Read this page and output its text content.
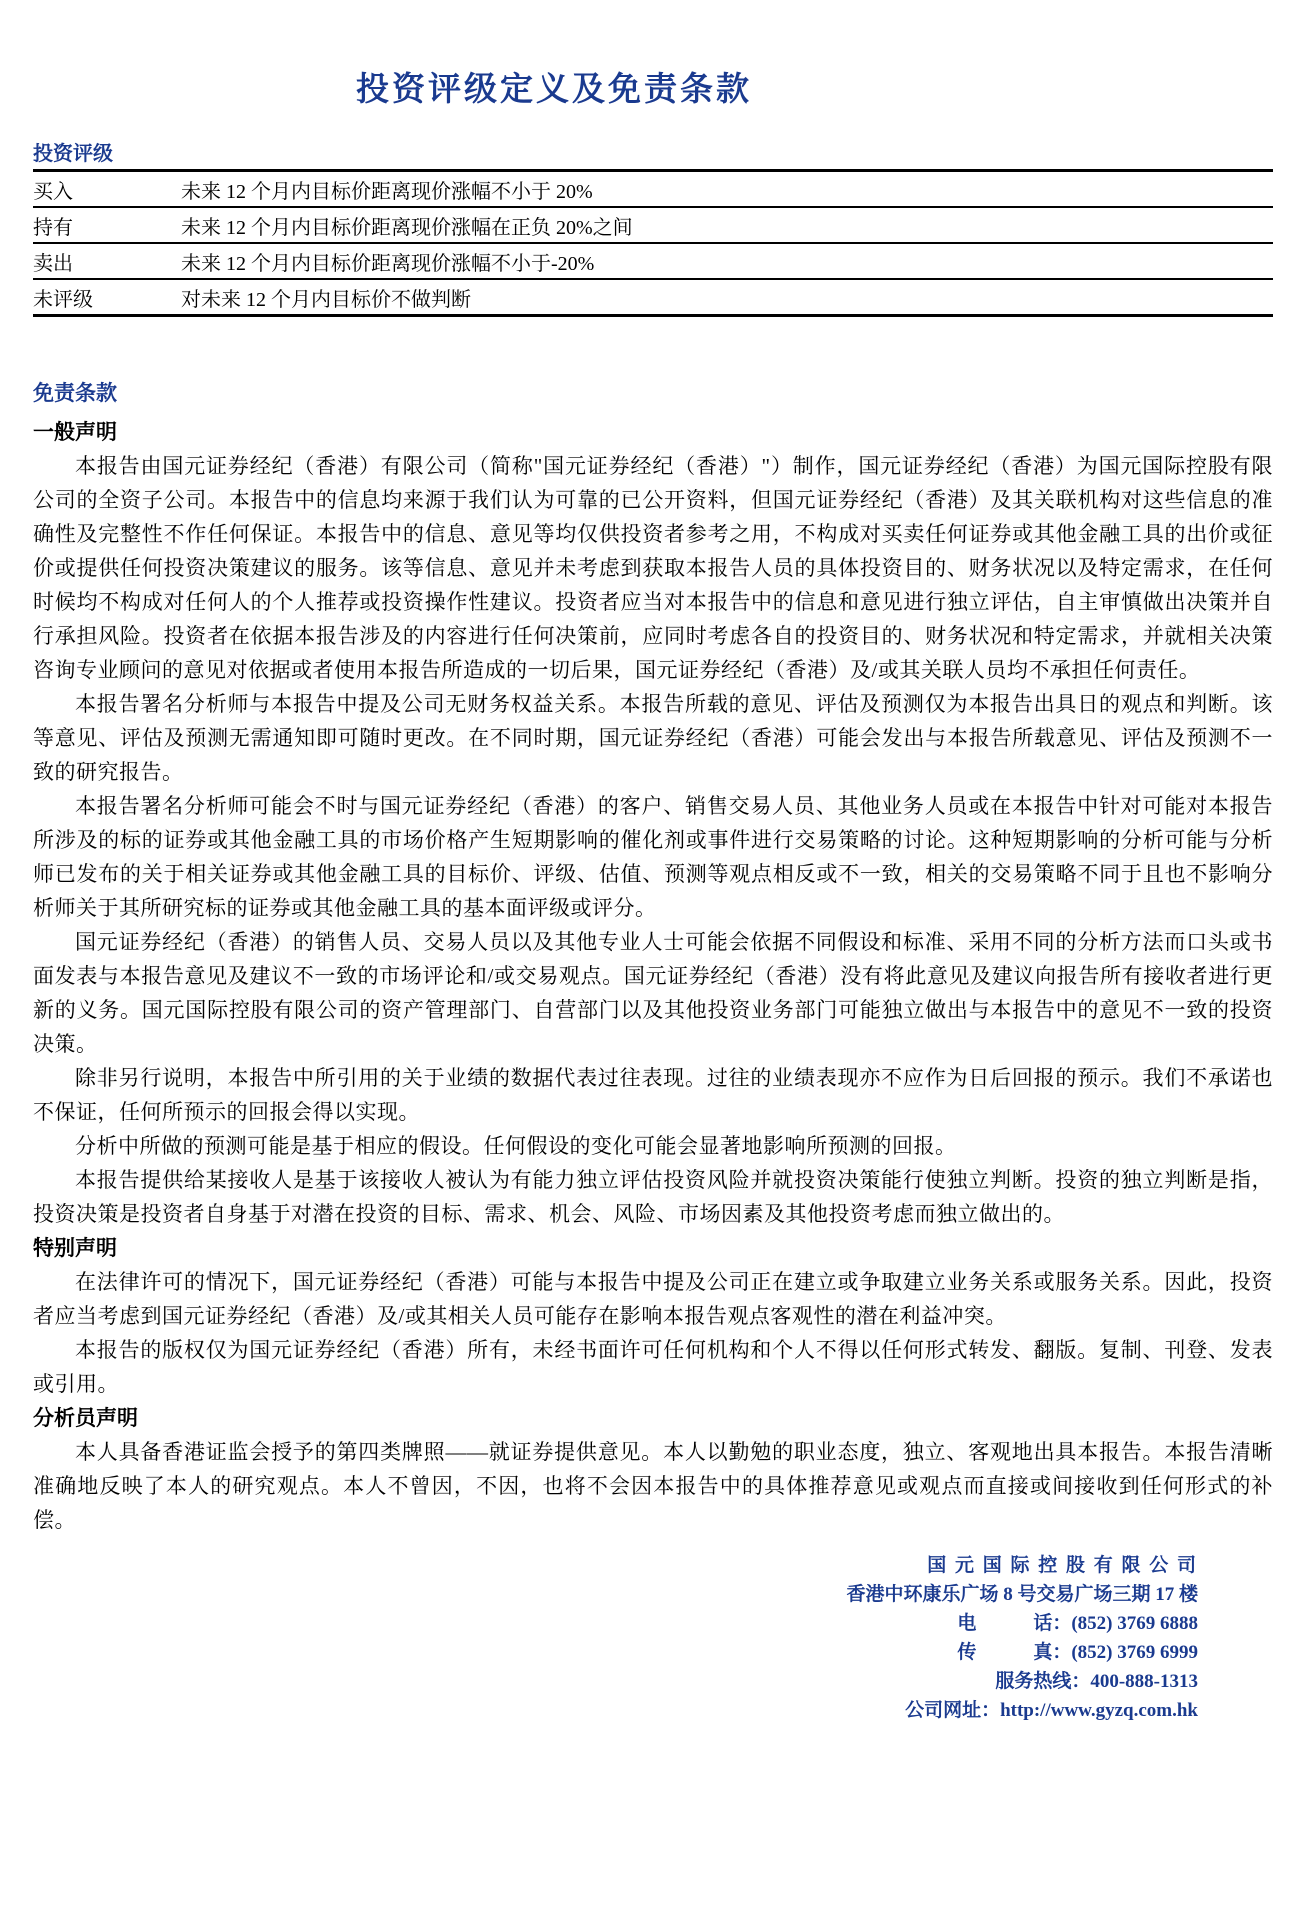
投资评级定义及免责条款
投资评级
买入	未来 12 个月内目标价距离现价涨幅不小于 20%
持有	未来 12 个月内目标价距离现价涨幅在正负 20%之间
卖出	未来 12 个月内目标价距离现价涨幅不小于-20%
未评级	对未来 12 个月内目标价不做判断
免责条款
一般声明

本报告由国元证券经纪（香港）有限公司（简称"国元证券经纪（香港）"）制作，国元证券经纪（香港）为国元国际控股有限公司的全资子公司。本报告中的信息均来源于我们认为可靠的已公开资料，但国元证券经纪（香港）及其关联机构对这些信息的准确性及完整性不作任何保证。本报告中的信息、意见等均仅供投资者参考之用，不构成对买卖任何证券或其他金融工具的出价或征价或提供任何投资决策建议的服务。该等信息、意见并未考虑到获取本报告人员的具体投资目的、财务状况以及特定需求，在任何时候均不构成对任何人的个人推荐或投资操作性建议。投资者应当对本报告中的信息和意见进行独立评估，自主审慎做出决策并自行承担风险。投资者在依据本报告涉及的内容进行任何决策前，应同时考虑各自的投资目的、财务状况和特定需求，并就相关决策咨询专业顾问的意见对依据或者使用本报告所造成的一切后果，国元证券经纪（香港）及/或其关联人员均不承担任何责任。

本报告署名分析师与本报告中提及公司无财务权益关系。本报告所载的意见、评估及预测仅为本报告出具日的观点和判断。该等意见、评估及预测无需通知即可随时更改。在不同时期，国元证券经纪（香港）可能会发出与本报告所载意见、评估及预测不一致的研究报告。

本报告署名分析师可能会不时与国元证券经纪（香港）的客户、销售交易人员、其他业务人员或在本报告中针对可能对本报告所涉及的标的证券或其他金融工具的市场价格产生短期影响的催化剂或事件进行交易策略的讨论。这种短期影响的分析可能与分析师已发布的关于相关证券或其他金融工具的目标价、评级、估值、预测等观点相反或不一致，相关的交易策略不同于且也不影响分析师关于其所研究标的证券或其他金融工具的基本面评级或评分。

国元证券经纪（香港）的销售人员、交易人员以及其他专业人士可能会依据不同假设和标准、采用不同的分析方法而口头或书面发表与本报告意见及建议不一致的市场评论和/或交易观点。国元证券经纪（香港）没有将此意见及建议向报告所有接收者进行更新的义务。国元国际控股有限公司的资产管理部门、自营部门以及其他投资业务部门可能独立做出与本报告中的意见不一致的投资决策。

除非另行说明，本报告中所引用的关于业绩的数据代表过往表现。过往的业绩表现亦不应作为日后回报的预示。我们不承诺也不保证，任何所预示的回报会得以实现。

分析中所做的预测可能是基于相应的假设。任何假设的变化可能会显著地影响所预测的回报。

本报告提供给某接收人是基于该接收人被认为有能力独立评估投资风险并就投资决策能行使独立判断。投资的独立判断是指，投资决策是投资者自身基于对潜在投资的目标、需求、机会、风险、市场因素及其他投资考虑而独立做出的。

特别声明

在法律许可的情况下，国元证券经纪（香港）可能与本报告中提及公司正在建立或争取建立业务关系或服务关系。因此，投资者应当考虑到国元证券经纪（香港）及/或其相关人员可能存在影响本报告观点客观性的潜在利益冲突。

本报告的版权仅为国元证券经纪（香港）所有，未经书面许可任何机构和个人不得以任何形式转发、翻版。复制、刊登、发表或引用。

分析员声明

本人具备香港证监会授予的第四类牌照——就证券提供意见。本人以勤勉的职业态度，独立、客观地出具本报告。本报告清晰准确地反映了本人的研究观点。本人不曾因，不因，也将不会因本报告中的具体推荐意见或观点而直接或间接收到任何形式的补偿。

国 元 国 际 控 股 有 限 公 司
香港中环康乐广场 8 号交易广场三期 17 楼
电　　　话：(852) 3769 6888
传　　　真：(852) 3769 6999
服务热线：400-888-1313
公司网址：http://www.gyzq.com.hk
